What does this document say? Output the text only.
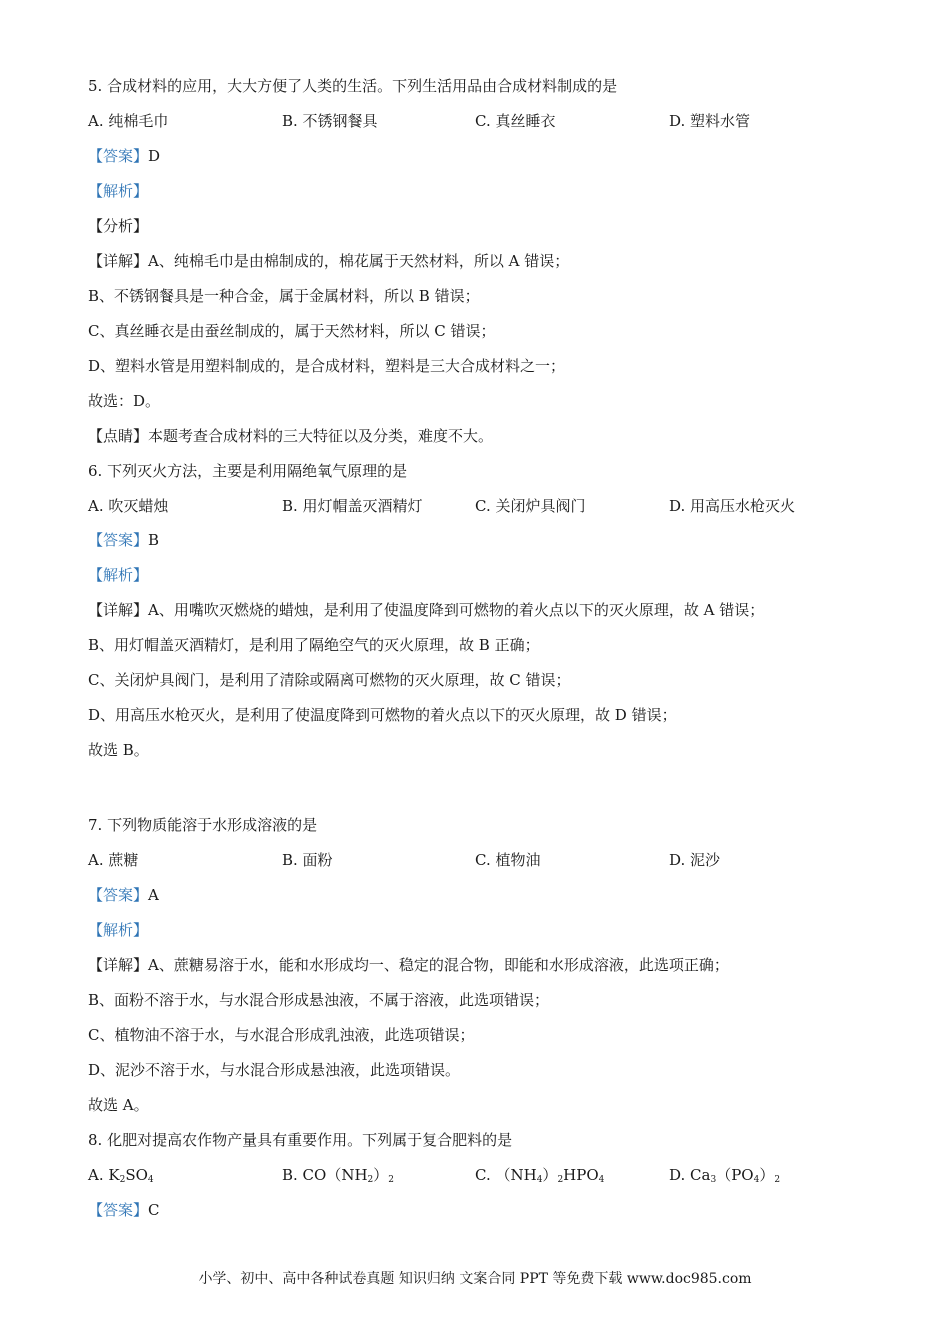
5. 合成材料的应用，大大方便了人类的生活。下列生活用品由合成材料制成的是
A. 纯棉毛巾	B. 不锈钢餐具	C. 真丝睡衣	D. 塑料水管
【答案】D
【解析】
【分析】
【详解】A、纯棉毛巾是由棉制成的，棉花属于天然材料，所以 A 错误；
B、不锈钢餐具是一种合金，属于金属材料，所以 B 错误；
C、真丝睡衣是由蚕丝制成的，属于天然材料，所以 C 错误；
D、塑料水管是用塑料制成的，是合成材料，塑料是三大合成材料之一；
故选：D。
【点睛】本题考查合成材料的三大特征以及分类，难度不大。
6. 下列灭火方法，主要是利用隔绝氧气原理的是
A. 吹灭蜡烛	B. 用灯帽盖灭酒精灯	C. 关闭炉具阀门	D. 用高压水枪灭火
【答案】B
【解析】
【详解】A、用嘴吹灭燃烧的蜡烛，是利用了使温度降到可燃物的着火点以下的灭火原理，故 A 错误；
B、用灯帽盖灭酒精灯，是利用了隔绝空气的灭火原理，故 B 正确；
C、关闭炉具阀门，是利用了清除或隔离可燃物的灭火原理，故 C 错误；
D、用高压水枪灭火，是利用了使温度降到可燃物的着火点以下的灭火原理，故 D 错误；
故选 B。
7. 下列物质能溶于水形成溶液的是
A. 蔗糖	B. 面粉	C. 植物油	D. 泥沙
【答案】A
【解析】
【详解】A、蔗糖易溶于水，能和水形成均一、稳定的混合物，即能和水形成溶液，此选项正确；
B、面粉不溶于水，与水混合形成悬浊液，不属于溶液，此选项错误；
C、植物油不溶于水，与水混合形成乳浊液，此选项错误；
D、泥沙不溶于水，与水混合形成悬浊液，此选项错误。
故选 A。
8. 化肥对提高农作物产量具有重要作用。下列属于复合肥料的是
A. $K_2SO_4$	B. $CO(NH_2)_2$	C. $(NH_4)_2HPO_4$	D. $Ca_3(PO_4)_2$
【答案】C
小学、初中、高中各种试卷真题 知识归纳 文案合同 PPT 等免费下载 www.doc985.com
